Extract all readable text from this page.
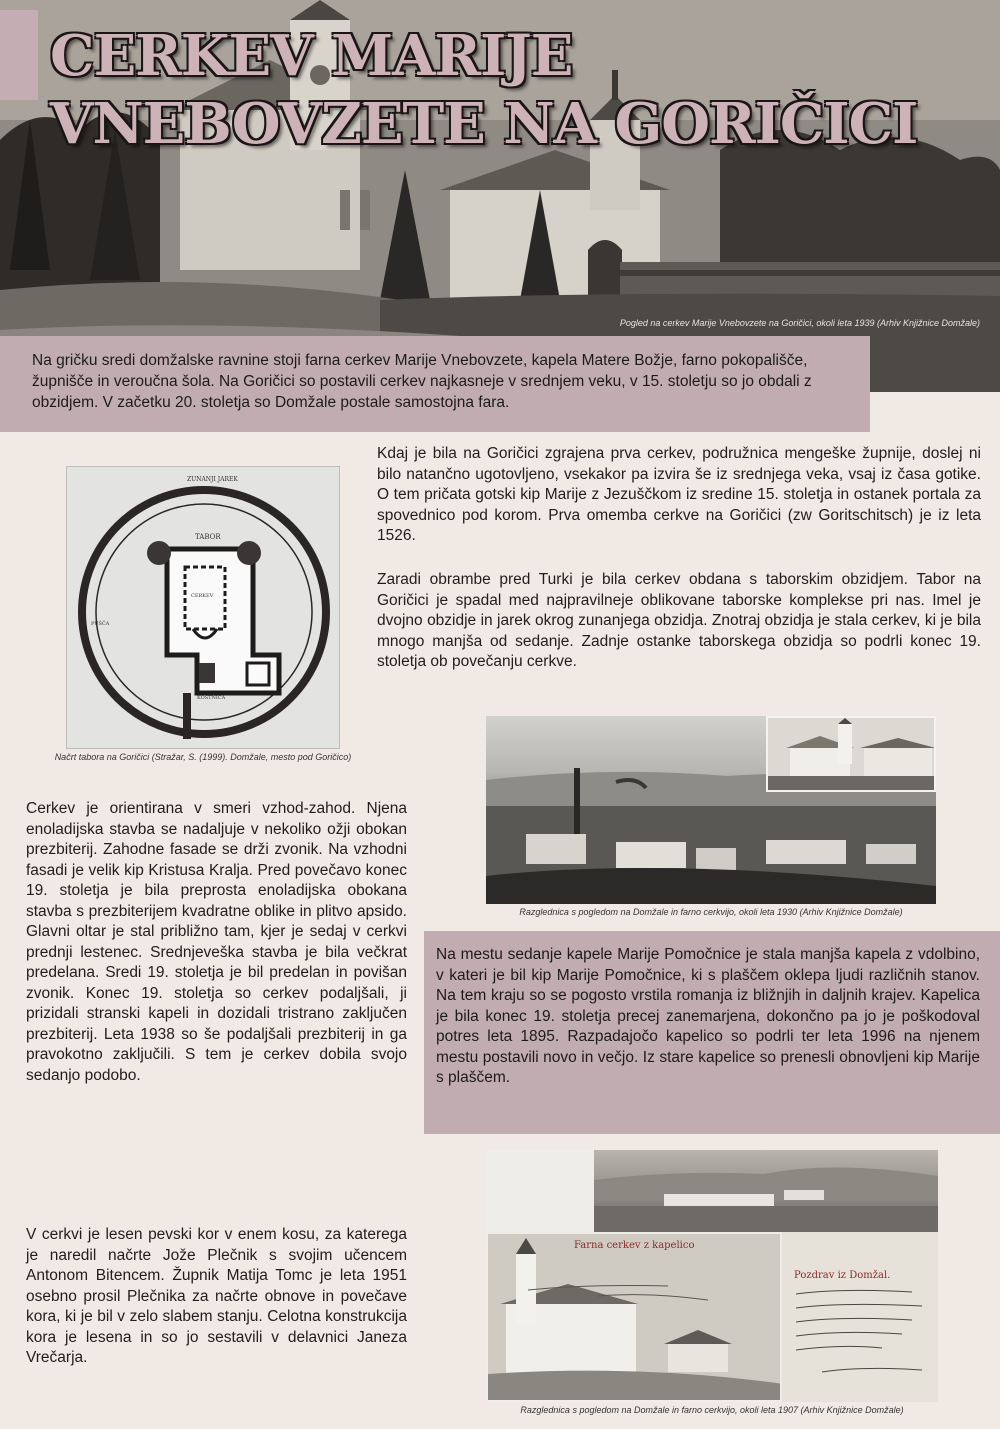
CERKEV MARIJE
VNEBOVZETE NA GORIČICI
Pogled na cerkev Marije Vnebovzete na Goričici, okoli leta 1939 (Arhiv Knjižnice Domžale)

Na gričku sredi domžalske ravnine stoji farna cerkev Marije Vnebovzete, kapela Matere Božje, farno pokopališče, župnišče in veroučna šola. Na Goričici so postavili cerkev najkasneje v srednjem veku, v 15. stoletju so jo obdali z obzidjem. V začetku 20. stoletja so Domžale postale samostojna fara.

Kdaj je bila na Goričici zgrajena prva cerkev, podružnica mengeške župnije, doslej ni bilo natančno ugotovljeno, vsekakor pa izvira še iz srednjega veka, vsaj iz časa gotike. O tem pričata gotski kip Marije z Jezuščkom iz sredine 15. stoletja in ostanek portala za spovednico pod korom. Prva omemba cerkve na Goričici (zw Goritschitsch) je iz leta 1526.

Zaradi obrambe pred Turki je bila cerkev obdana s taborskim obzidjem. Tabor na Goričici je spadal med najpravilneje oblikovane taborske komplekse pri nas. Imel je dvojno obzidje in jarek okrog zunanjega obzidja. Znotraj obzidja je stala cerkev, ki je bila mnogo manjša od sedanje. Zadnje ostanke taborskega obzidja so podrli konec 19. stoletja ob povečanju cerkve.

ZUNANJI JAREK
TABOR
CERKEV
PUŠČA
KOSTNICA
Načrt tabora na Goričici (Stražar, S. (1999). Domžale, mesto pod Goričico)
Razglednica s pogledom na Domžale in farno cerkvijo, okoli leta 1930 (Arhiv Knjižnice Domžale)

Cerkev je orientirana v smeri vzhod-zahod. Njena enoladijska stavba se nadaljuje v nekoliko ožji obokan prezbiterij. Zahodne fasade se drži zvonik. Na vzhodni fasadi je velik kip Kristusa Kralja. Pred povečavo konec 19. stoletja je bila preprosta enoladijska obokana stavba s prezbiterijem kvadratne oblike in plitvo apsido. Glavni oltar je stal približno tam, kjer je sedaj v cerkvi prednji lestenec. Srednjeveška stavba je bila večkrat predelana. Sredi 19. stoletja je bil predelan in povišan zvonik. Konec 19. stoletja so cerkev podaljšali, ji prizidali stranski kapeli in dozidali tristrano zaključen prezbiterij. Leta 1938 so še podaljšali prezbiterij in ga pravokotno zaključili. S tem je cerkev dobila svojo sedanjo podobo.

Na mestu sedanje kapele Marije Pomočnice je stala manjša kapela z vdolbino, v kateri je bil kip Marije Pomočnice, ki s plaščem oklepa ljudi različnih stanov. Na tem kraju so se pogosto vrstila romanja iz bližnjih in daljnih krajev. Kapelica je bila konec 19. stoletja precej zanemarjena, dokončno pa jo je poškodoval potres leta 1895. Razpadajočo kapelico so podrli ter leta 1996 na njenem mestu postavili novo in večjo. Iz stare kapelice so prenesli obnovljeni kip Marije s plaščem.

V cerkvi je lesen pevski kor v enem kosu, za katerega je naredil načrte Jože Plečnik s svojim učencem Antonom Bitencem. Župnik Matija Tomc je leta 1951 osebno prosil Plečnika za načrte obnove in povečave kora, ki je bil v zelo slabem stanju. Celotna konstrukcija kora je lesena in so jo sestavili v delavnici Janeza Vrečarja.

Farna cerkev z kapelico
Pozdrav iz Domžal.
Razglednica s pogledom na Domžale in farno cerkvijo, okoli leta 1907 (Arhiv Knjižnice Domžale)
